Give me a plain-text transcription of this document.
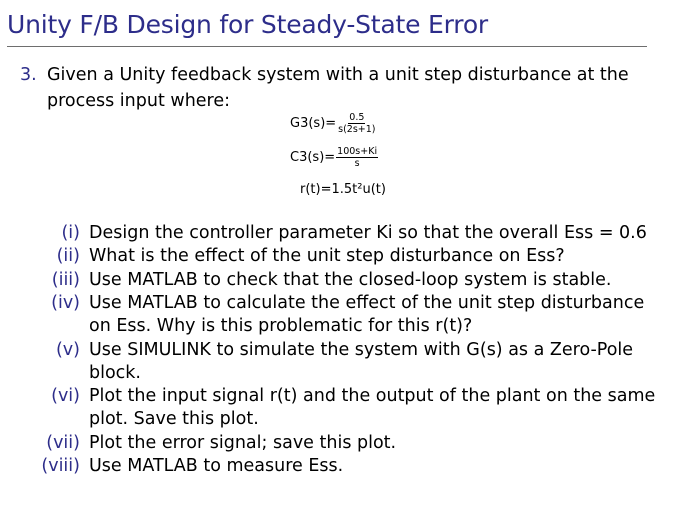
Unity F/B Design for Steady-State Error
3. Given a Unity feedback system with a unit step disturbance at the process input where:
$G3(s)= \frac{0.5}{s(2s+1)}$
$C3(s)= \frac{100s+Ki}{s}$
r(t)=1.5t²u(t)
(i) Design the controller parameter Ki so that the overall Ess = 0.6
(ii) What is the effect of the unit step disturbance on Ess?
(iii) Use MATLAB to check that the closed-loop system is stable.
(iv) Use MATLAB to calculate the effect of the unit step disturbance on Ess. Why is this problematic for this r(t)?
(v) Use SIMULINK to simulate the system with G(s) as a Zero-Pole block.
(vi) Plot the input signal r(t) and the output of the plant on the same plot. Save this plot.
(vii) Plot the error signal; save this plot.
(viii) Use MATLAB to measure Ess.
